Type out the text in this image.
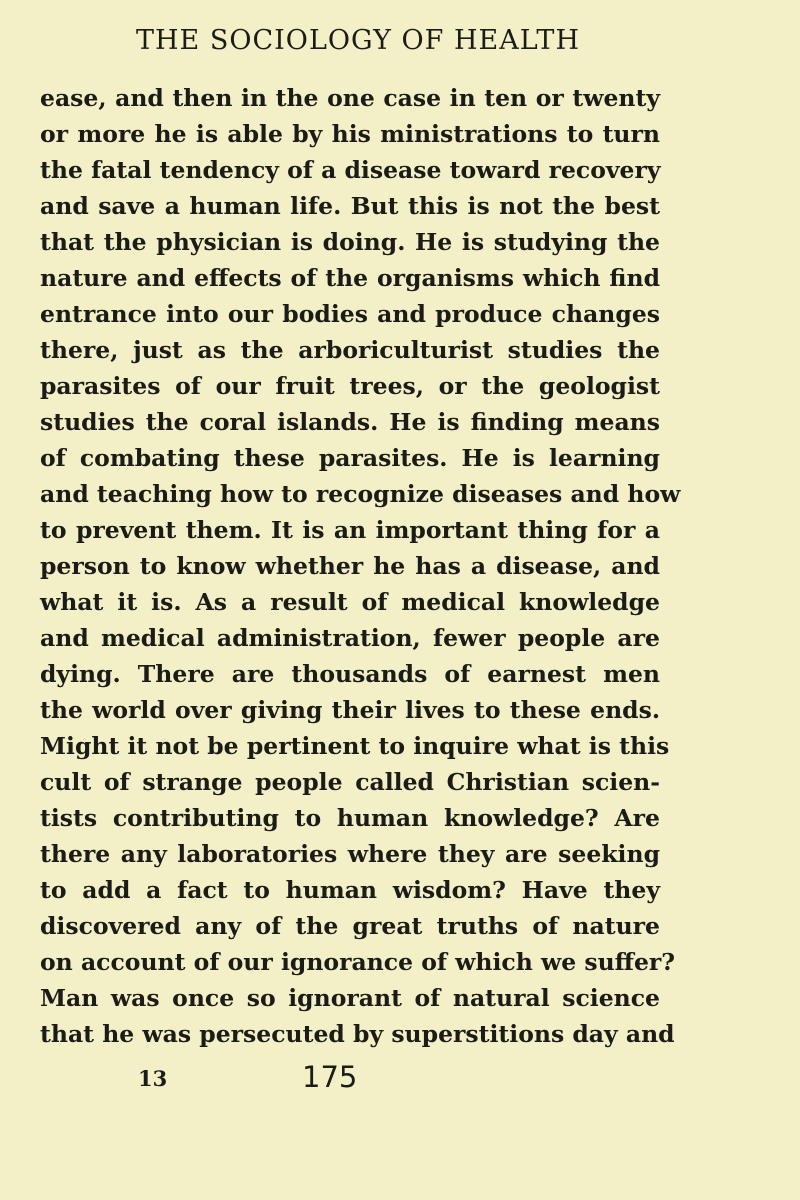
THE SOCIOLOGY OF HEALTH
ease, and then in the one case in ten or twenty
or more he is able by his ministrations to turn
the fatal tendency of a disease toward recovery
and save a human life. But this is not the best
that the physician is doing. He is studying the
nature and effects of the organisms which find
entrance into our bodies and produce changes
there, just as the arboriculturist studies the
parasites of our fruit trees, or the geologist
studies the coral islands. He is finding means
of combating these parasites. He is learning
and teaching how to recognize diseases and how
to prevent them. It is an important thing for a
person to know whether he has a disease, and
what it is. As a result of medical knowledge
and medical administration, fewer people are
dying. There are thousands of earnest men
the world over giving their lives to these ends.
Might it not be pertinent to inquire what is this
cult of strange people called Christian scien-
tists contributing to human knowledge? Are
there any laboratories where they are seeking
to add a fact to human wisdom? Have they
discovered any of the great truths of nature
on account of our ignorance of which we suffer?
Man was once so ignorant of natural science
that he was persecuted by superstitions day and
13	175
